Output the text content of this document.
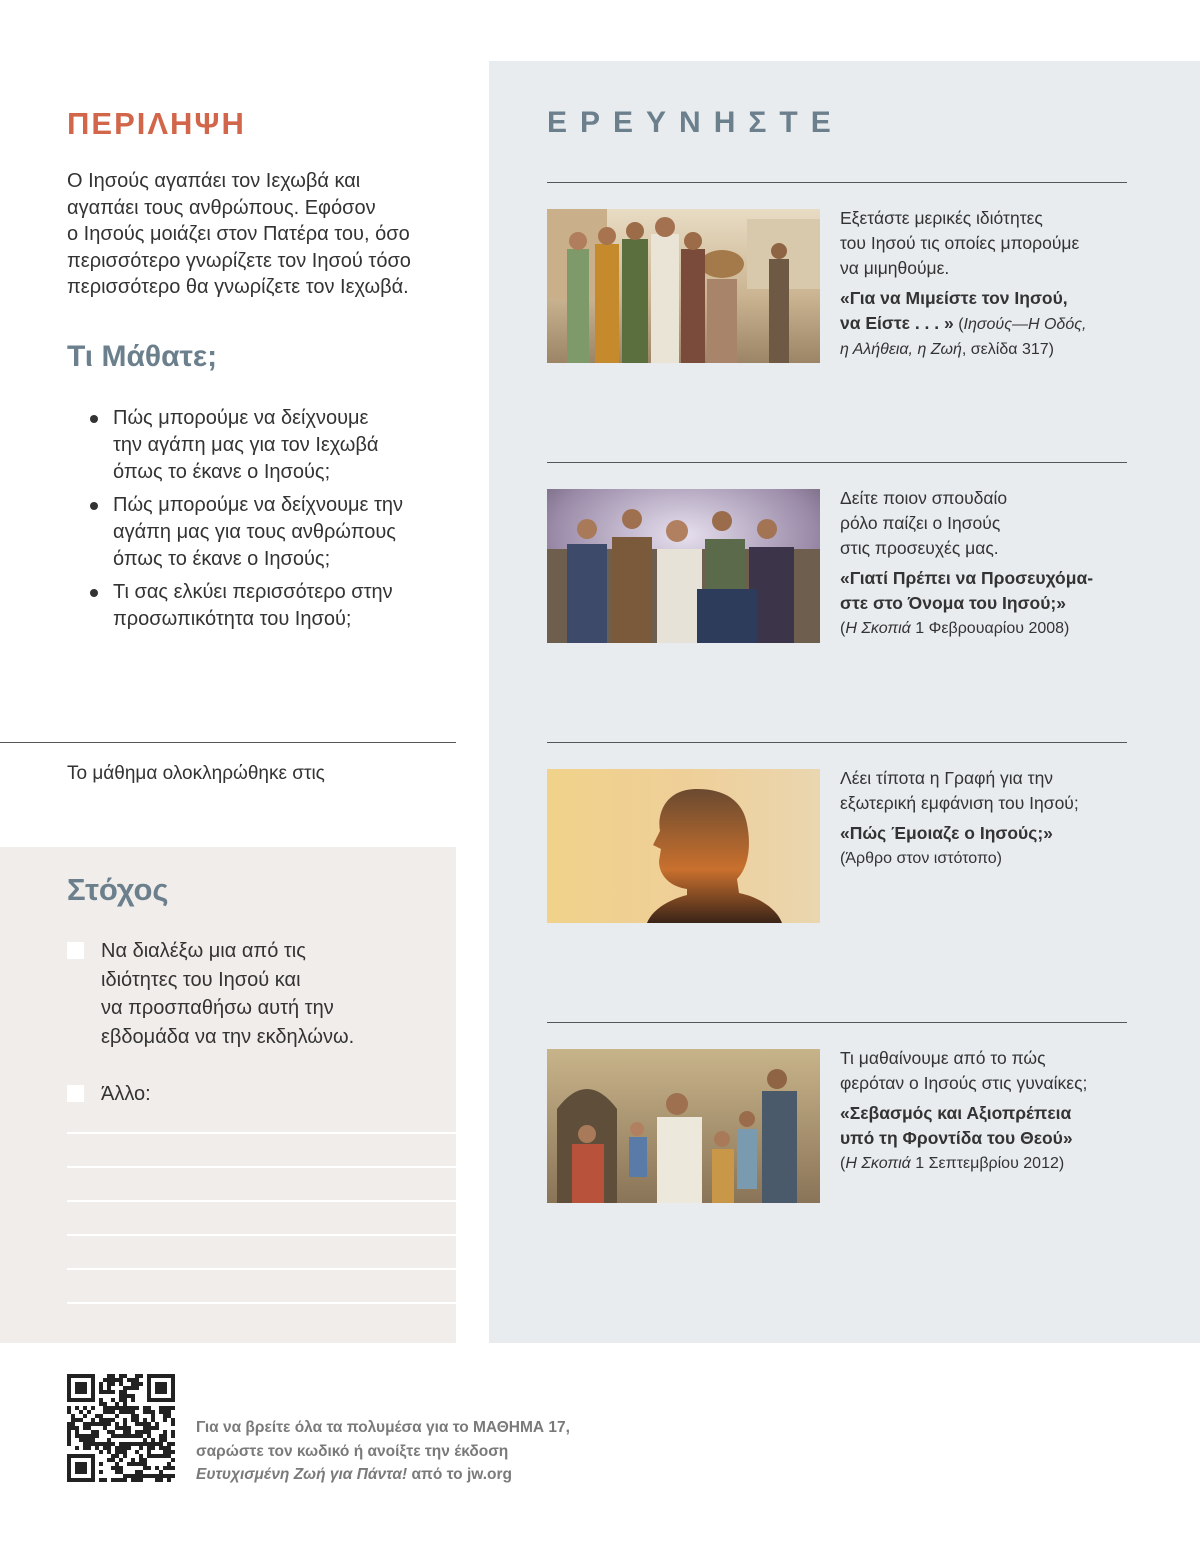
ΠΕΡΙΛΗΨΗ
Ο Ιησούς αγαπάει τον Ιεχωβά και
αγαπάει τους ανθρώπους. Εφόσον
ο Ιησούς μοιάζει στον Πατέρα του, όσο
περισσότερο γνωρίζετε τον Ιησού τόσο
περισσότερο θα γνωρίζετε τον Ιεχωβά.
Τι Μάθατε;
Πώς μπορούμε να δείχνουμε
την αγάπη μας για τον Ιεχωβά
όπως το έκανε ο Ιησούς;
Πώς μπορούμε να δείχνουμε την
αγάπη μας για τους ανθρώπους
όπως το έκανε ο Ιησούς;
Τι σας ελκύει περισσότερο στην
προσωπικότητα του Ιησού;
Το μάθημα ολοκληρώθηκε στις
Στόχος
Να διαλέξω μια από τις
ιδιότητες του Ιησού και
να προσπαθήσω αυτή την
εβδομάδα να την εκδηλώνω.
Άλλο:
ΕΡΕΥΝΗΣΤΕ
Εξετάστε μερικές ιδιότητες
του Ιησού τις οποίες μπορούμε
να μιμηθούμε.
«Για να Μιμείστε τον Ιησού,
να Είστε . . . » (Ιησούς—Η Οδός,
η Αλήθεια, η Ζωή, σελίδα 317)
Δείτε ποιον σπουδαίο
ρόλο παίζει ο Ιησούς
στις προσευχές μας.
«Γιατί Πρέπει να Προσευχόμα-
στε στο Όνομα του Ιησού;»
(Η Σκοπιά 1 Φεβρουαρίου 2008)
Λέει τίποτα η Γραφή για την
εξωτερική εμφάνιση του Ιησού;
«Πώς Έμοιαζε ο Ιησούς;»
(Άρθρο στον ιστότοπο)
Τι μαθαίνουμε από το πώς
φερόταν ο Ιησούς στις γυναίκες;
«Σεβασμός και Αξιοπρέπεια
υπό τη Φροντίδα του Θεού»
(Η Σκοπιά 1 Σεπτεμβρίου 2012)
Για να βρείτε όλα τα πολυμέσα για το ΜΑΘΗΜΑ 17,
σαρώστε τον κωδικό ή ανοίξτε την έκδοση
Ευτυχισμένη Ζωή για Πάντα! από το jw.org
